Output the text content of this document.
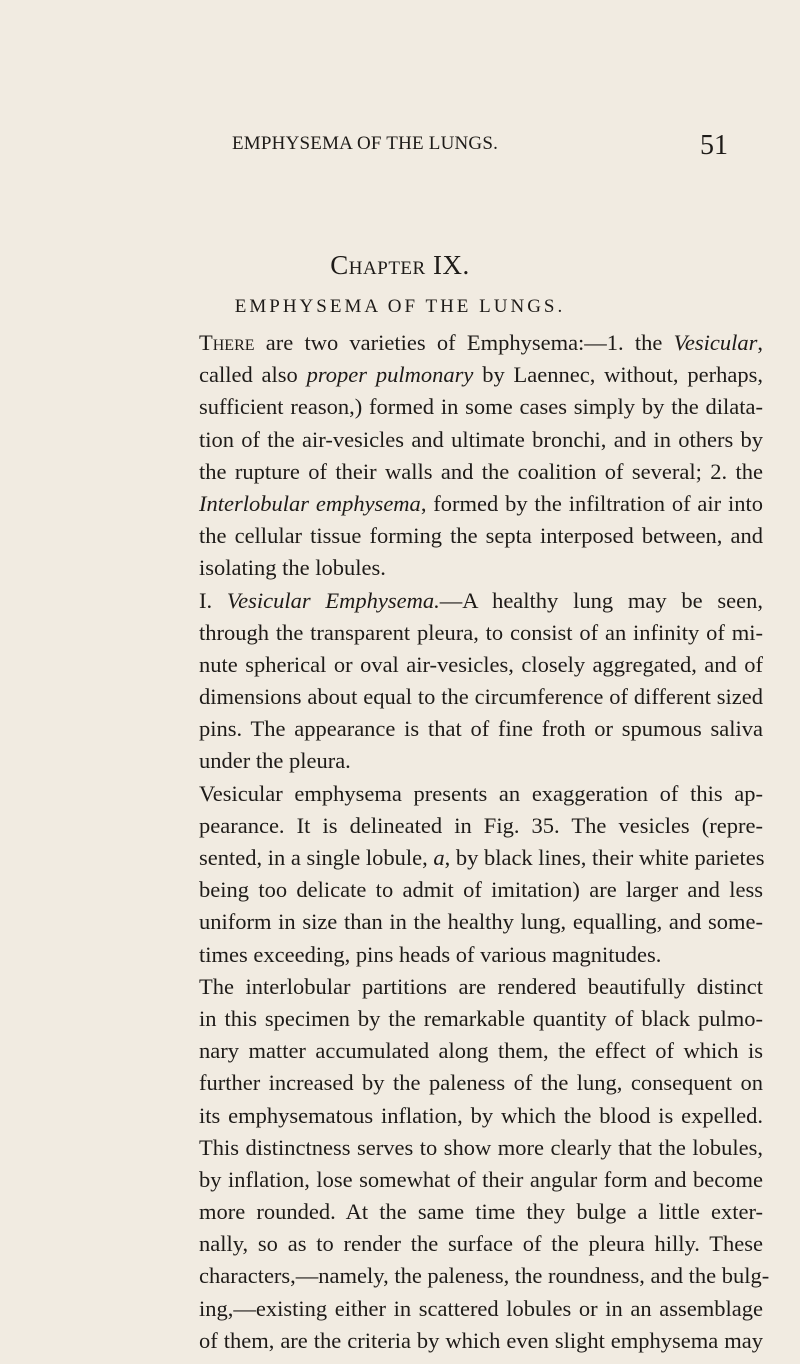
EMPHYSEMA OF THE LUNGS.	51
Chapter IX.
EMPHYSEMA OF THE LUNGS.
There are two varieties of Emphysema:—1. the Vesicular,
called also proper pulmonary by Laennec, without, perhaps,
sufficient reason,) formed in some cases simply by the dilata-
tion of the air-vesicles and ultimate bronchi, and in others by
the rupture of their walls and the coalition of several; 2. the
Interlobular emphysema, formed by the infiltration of air into
the cellular tissue forming the septa interposed between, and
isolating the lobules.
I. Vesicular Emphysema.—A healthy lung may be seen,
through the transparent pleura, to consist of an infinity of mi-
nute spherical or oval air-vesicles, closely aggregated, and of
dimensions about equal to the circumference of different sized
pins. The appearance is that of fine froth or spumous saliva
under the pleura.
Vesicular emphysema presents an exaggeration of this ap-
pearance. It is delineated in Fig. 35. The vesicles (repre-
sented, in a single lobule, a, by black lines, their white parietes
being too delicate to admit of imitation) are larger and less
uniform in size than in the healthy lung, equalling, and some-
times exceeding, pins heads of various magnitudes.
The interlobular partitions are rendered beautifully distinct
in this specimen by the remarkable quantity of black pulmo-
nary matter accumulated along them, the effect of which is
further increased by the paleness of the lung, consequent on
its emphysematous inflation, by which the blood is expelled.
This distinctness serves to show more clearly that the lobules,
by inflation, lose somewhat of their angular form and become
more rounded. At the same time they bulge a little exter-
nally, so as to render the surface of the pleura hilly. These
characters,—namely, the paleness, the roundness, and the bulg-
ing,—existing either in scattered lobules or in an assemblage
of them, are the criteria by which even slight emphysema may
